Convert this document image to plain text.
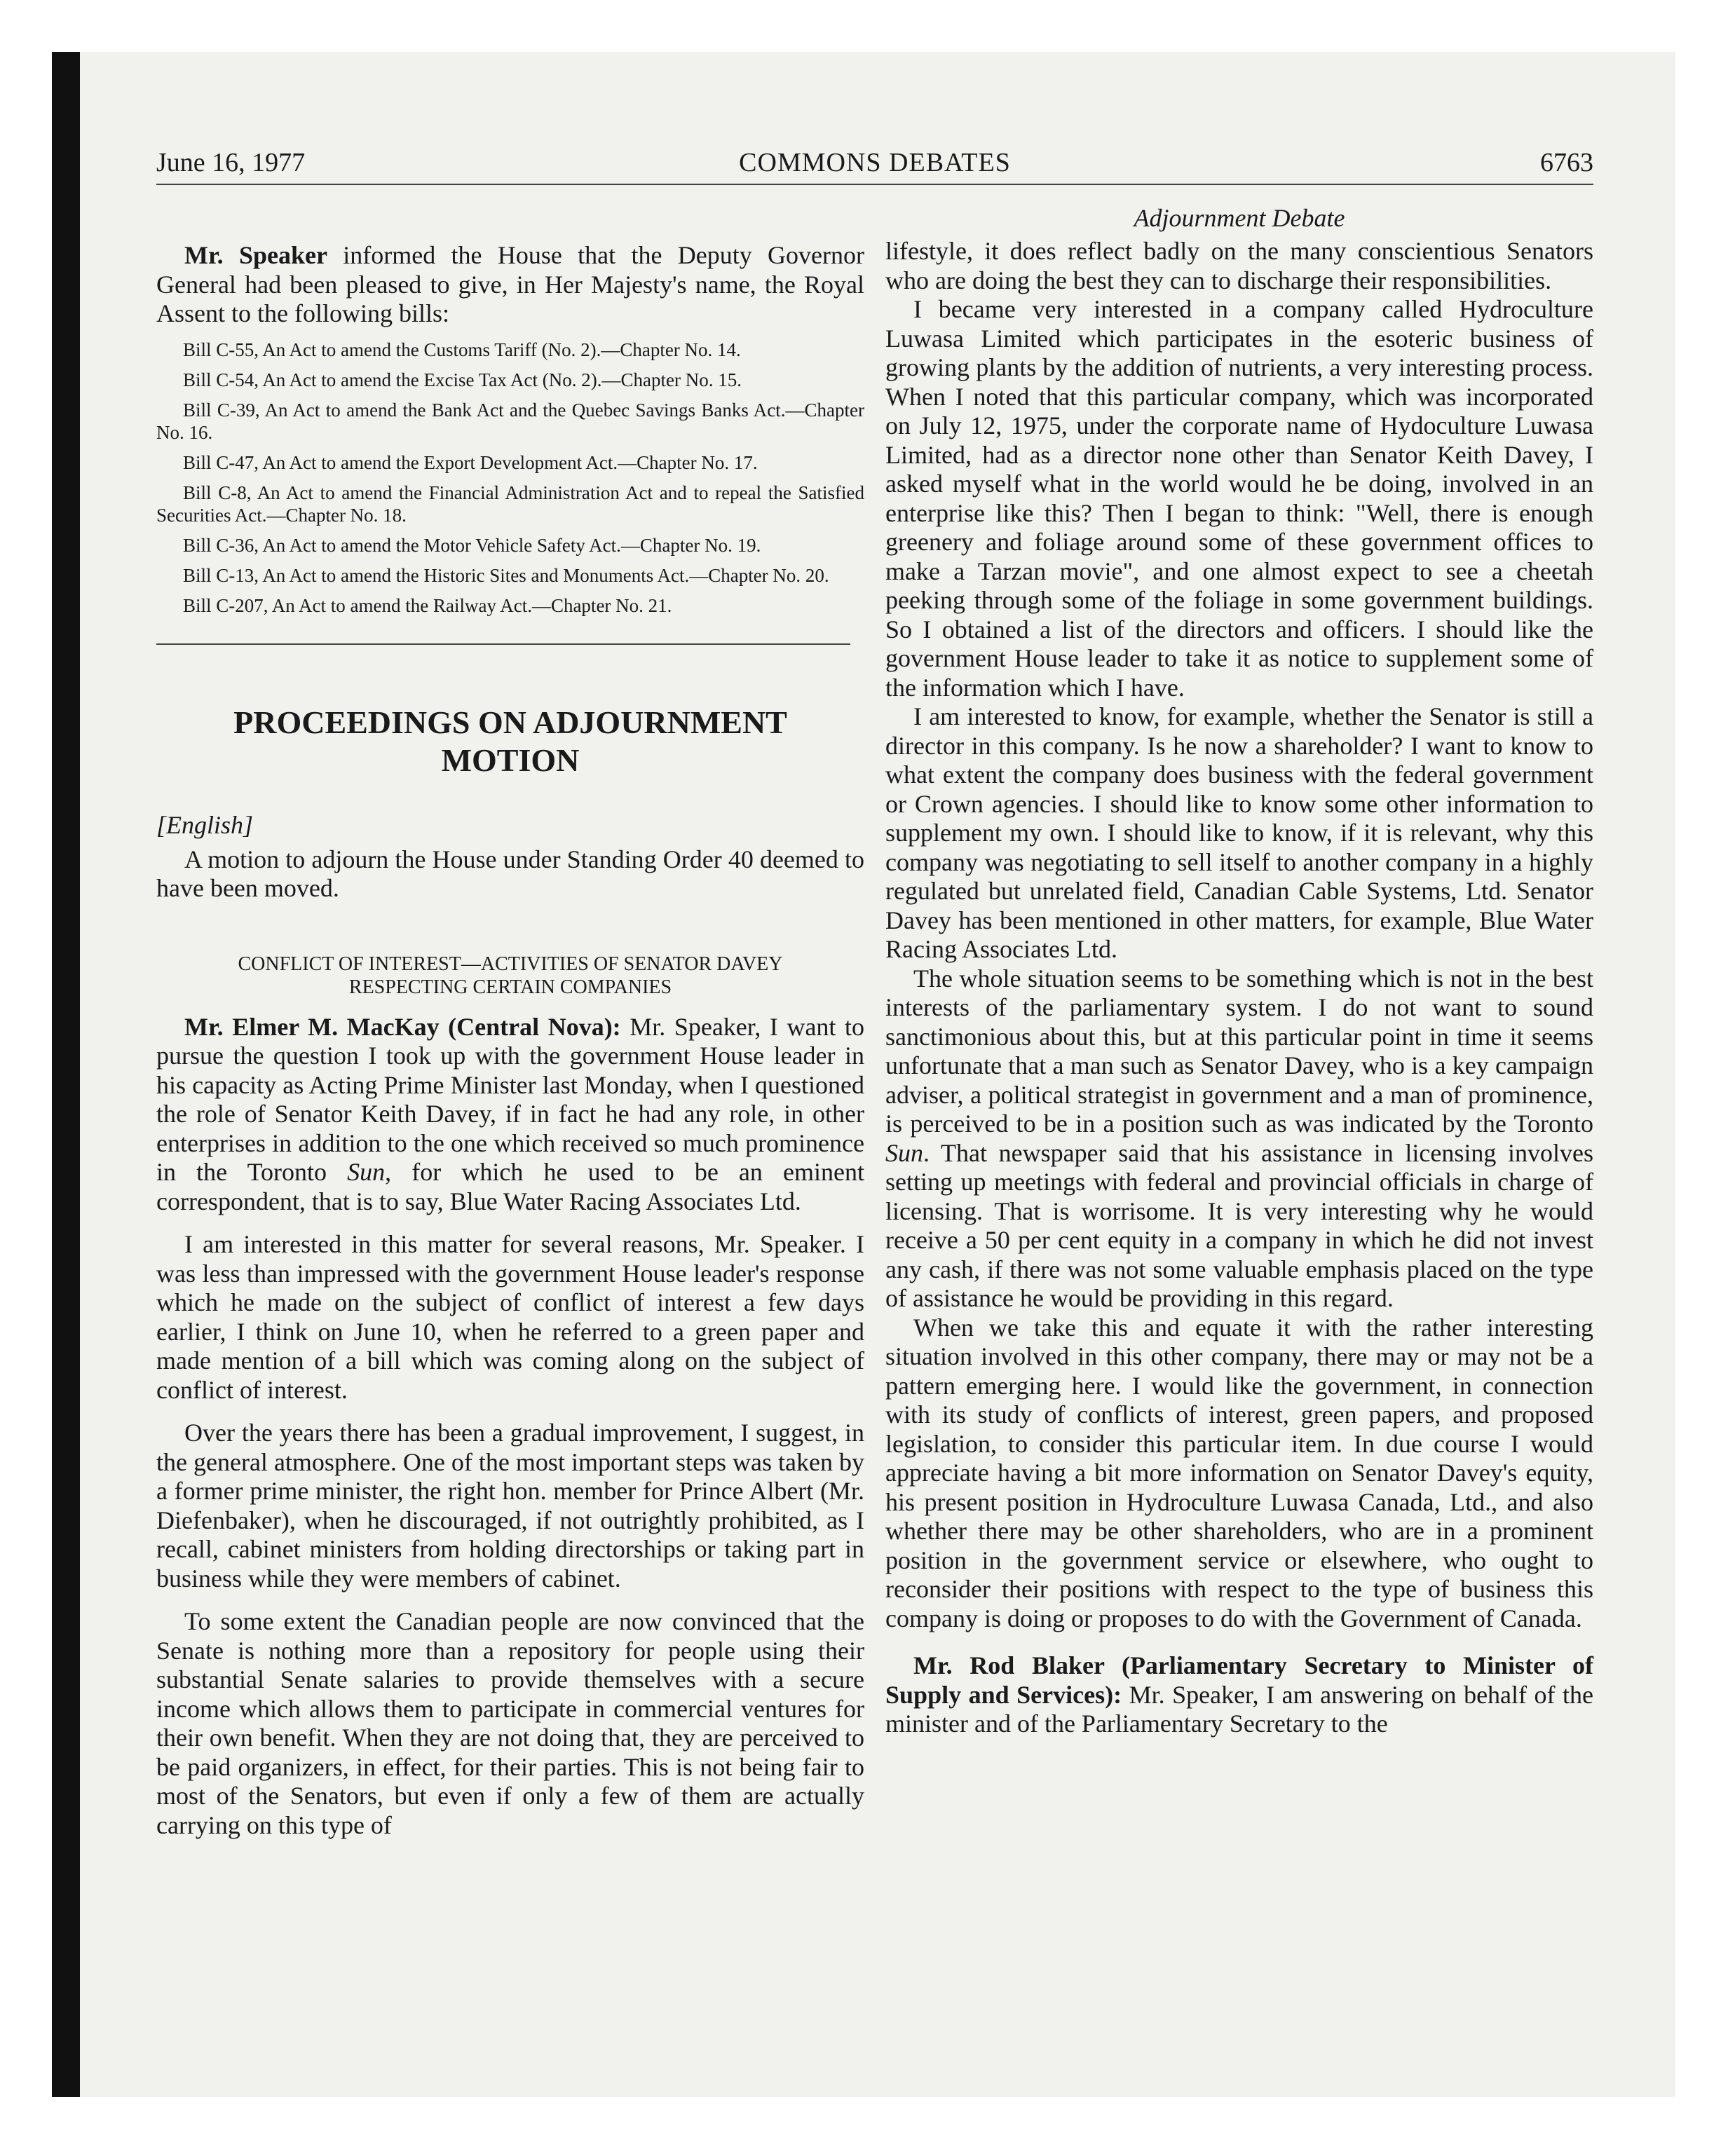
June 16, 1977	COMMONS DEBATES	6763

Mr. Speaker informed the House that the Deputy Governor General had been pleased to give, in Her Majesty's name, the Royal Assent to the following bills:

Bill C-55, An Act to amend the Customs Tariff (No. 2).—Chapter No. 14.

Bill C-54, An Act to amend the Excise Tax Act (No. 2).—Chapter No. 15.

Bill C-39, An Act to amend the Bank Act and the Quebec Savings Banks Act.—Chapter No. 16.

Bill C-47, An Act to amend the Export Development Act.—Chapter No. 17.

Bill C-8, An Act to amend the Financial Administration Act and to repeal the Satisfied Securities Act.—Chapter No. 18.

Bill C-36, An Act to amend the Motor Vehicle Safety Act.—Chapter No. 19.

Bill C-13, An Act to amend the Historic Sites and Monuments Act.—Chapter No. 20.

Bill C-207, An Act to amend the Railway Act.—Chapter No. 21.

PROCEEDINGS ON ADJOURNMENT
MOTION

[English]

A motion to adjourn the House under Standing Order 40 deemed to have been moved.

CONFLICT OF INTEREST—ACTIVITIES OF SENATOR DAVEY
RESPECTING CERTAIN COMPANIES

Mr. Elmer M. MacKay (Central Nova): Mr. Speaker, I want to pursue the question I took up with the government House leader in his capacity as Acting Prime Minister last Monday, when I questioned the role of Senator Keith Davey, if in fact he had any role, in other enterprises in addition to the one which received so much prominence in the Toronto Sun, for which he used to be an eminent correspondent, that is to say, Blue Water Racing Associates Ltd.

I am interested in this matter for several reasons, Mr. Speaker. I was less than impressed with the government House leader's response which he made on the subject of conflict of interest a few days earlier, I think on June 10, when he referred to a green paper and made mention of a bill which was coming along on the subject of conflict of interest.

Over the years there has been a gradual improvement, I suggest, in the general atmosphere. One of the most important steps was taken by a former prime minister, the right hon. member for Prince Albert (Mr. Diefenbaker), when he discouraged, if not outrightly prohibited, as I recall, cabinet ministers from holding directorships or taking part in business while they were members of cabinet.

To some extent the Canadian people are now convinced that the Senate is nothing more than a repository for people using their substantial Senate salaries to provide themselves with a secure income which allows them to participate in commercial ventures for their own benefit. When they are not doing that, they are perceived to be paid organizers, in effect, for their parties. This is not being fair to most of the Senators, but even if only a few of them are actually carrying on this type of

Adjournment Debate

lifestyle, it does reflect badly on the many conscientious Senators who are doing the best they can to discharge their responsibilities.

I became very interested in a company called Hydroculture Luwasa Limited which participates in the esoteric business of growing plants by the addition of nutrients, a very interesting process. When I noted that this particular company, which was incorporated on July 12, 1975, under the corporate name of Hydoculture Luwasa Limited, had as a director none other than Senator Keith Davey, I asked myself what in the world would he be doing, involved in an enterprise like this? Then I began to think: "Well, there is enough greenery and foliage around some of these government offices to make a Tarzan movie", and one almost expect to see a cheetah peeking through some of the foliage in some government buildings. So I obtained a list of the directors and officers. I should like the government House leader to take it as notice to supplement some of the information which I have.

I am interested to know, for example, whether the Senator is still a director in this company. Is he now a shareholder? I want to know to what extent the company does business with the federal government or Crown agencies. I should like to know some other information to supplement my own. I should like to know, if it is relevant, why this company was negotiating to sell itself to another company in a highly regulated but unrelated field, Canadian Cable Systems, Ltd. Senator Davey has been mentioned in other matters, for example, Blue Water Racing Associates Ltd.

The whole situation seems to be something which is not in the best interests of the parliamentary system. I do not want to sound sanctimonious about this, but at this particular point in time it seems unfortunate that a man such as Senator Davey, who is a key campaign adviser, a political strategist in government and a man of prominence, is perceived to be in a position such as was indicated by the Toronto Sun. That newspaper said that his assistance in licensing involves setting up meetings with federal and provincial officials in charge of licensing. That is worrisome. It is very interesting why he would receive a 50 per cent equity in a company in which he did not invest any cash, if there was not some valuable emphasis placed on the type of assistance he would be providing in this regard.

When we take this and equate it with the rather interesting situation involved in this other company, there may or may not be a pattern emerging here. I would like the government, in connection with its study of conflicts of interest, green papers, and proposed legislation, to consider this particular item. In due course I would appreciate having a bit more information on Senator Davey's equity, his present position in Hydroculture Luwasa Canada, Ltd., and also whether there may be other shareholders, who are in a prominent position in the government service or elsewhere, who ought to reconsider their positions with respect to the type of business this company is doing or proposes to do with the Government of Canada.

Mr. Rod Blaker (Parliamentary Secretary to Minister of Supply and Services): Mr. Speaker, I am answering on behalf of the minister and of the Parliamentary Secretary to the
